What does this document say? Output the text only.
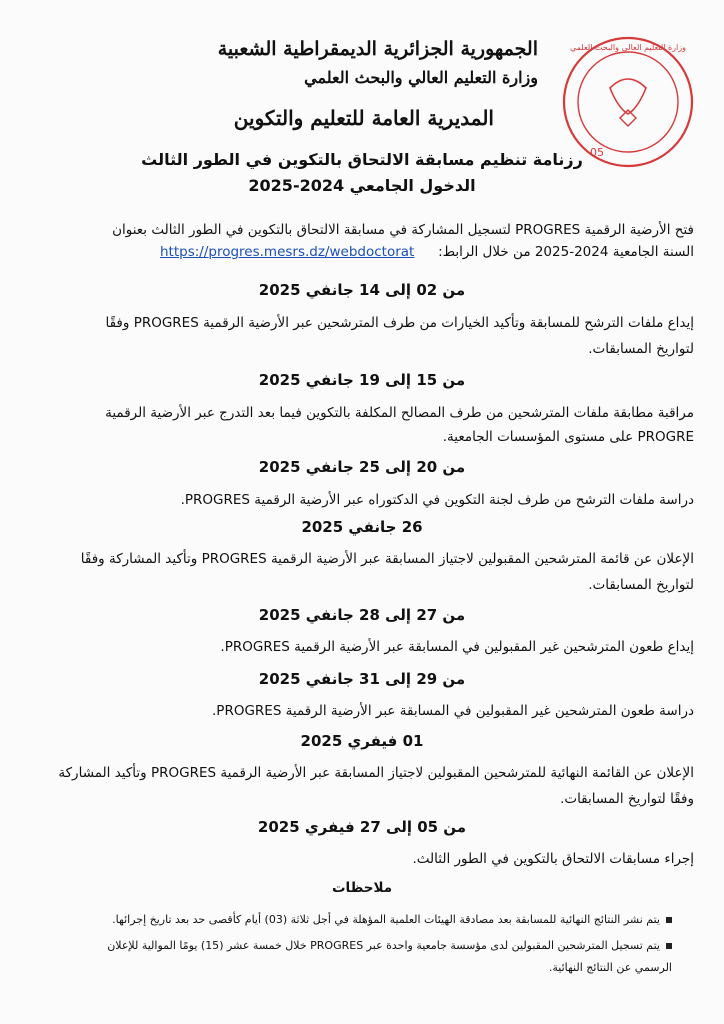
05
وزارة التعليم العالي والبحث العلمي
الجمهورية الجزائرية الديمقراطية الشعبية
وزارة التعليم العالي والبحث العلمي
المديرية العامة للتعليم والتكوين
رزنامة تنظيم مسابقة الالتحاق بالتكوين في الطور الثالث
الدخول الجامعي 2024-2025
فتح الأرضية الرقمية PROGRES لتسجيل المشاركة في مسابقة الالتحاق بالتكوين في الطور الثالث بعنوان
السنة الجامعية 2024-2025 من خلال الرابط:
https://progres.mesrs.dz/webdoctorat
من 02 إلى 14 جانفي 2025
إيداع ملفات الترشح للمسابقة وتأكيد الخيارات من طرف المترشحين عبر الأرضية الرقمية PROGRES وفقًا
لتواريخ المسابقات.
من 15 إلى 19 جانفي 2025
مراقبة مطابقة ملفات المترشحين من طرف المصالح المكلفة بالتكوين فيما بعد التدرج عبر الأرضية الرقمية
PROGRE على مستوى المؤسسات الجامعية.
من 20 إلى 25 جانفي 2025
دراسة ملفات الترشح من طرف لجنة التكوين في الدكتوراه عبر الأرضية الرقمية PROGRES.
26 جانفي 2025
الإعلان عن قائمة المترشحين المقبولين لاجتياز المسابقة عبر الأرضية الرقمية PROGRES وتأكيد المشاركة وفقًا
لتواريخ المسابقات.
من 27 إلى 28 جانفي 2025
إيداع طعون المترشحين غير المقبولين في المسابقة عبر الأرضية الرقمية PROGRES.
من 29 إلى 31 جانفي 2025
دراسة طعون المترشحين غير المقبولين في المسابقة عبر الأرضية الرقمية PROGRES.
01 فيفري 2025
الإعلان عن القائمة النهائية للمترشحين المقبولين لاجتياز المسابقة عبر الأرضية الرقمية PROGRES وتأكيد المشاركة
وفقًا لتواريخ المسابقات.
من 05 إلى 27 فيفري 2025
إجراء مسابقات الالتحاق بالتكوين في الطور الثالث.
ملاحظات
يتم نشر النتائج النهائية للمسابقة بعد مصادقة الهيئات العلمية المؤهلة في أجل ثلاثة (03) أيام كأقصى حد بعد تاريخ إجرائها.
يتم تسجيل المترشحين المقبولين لدى مؤسسة جامعية واحدة عبر PROGRES خلال خمسة عشر (15) يومًا الموالية للإعلان
الرسمي عن النتائج النهائية.
